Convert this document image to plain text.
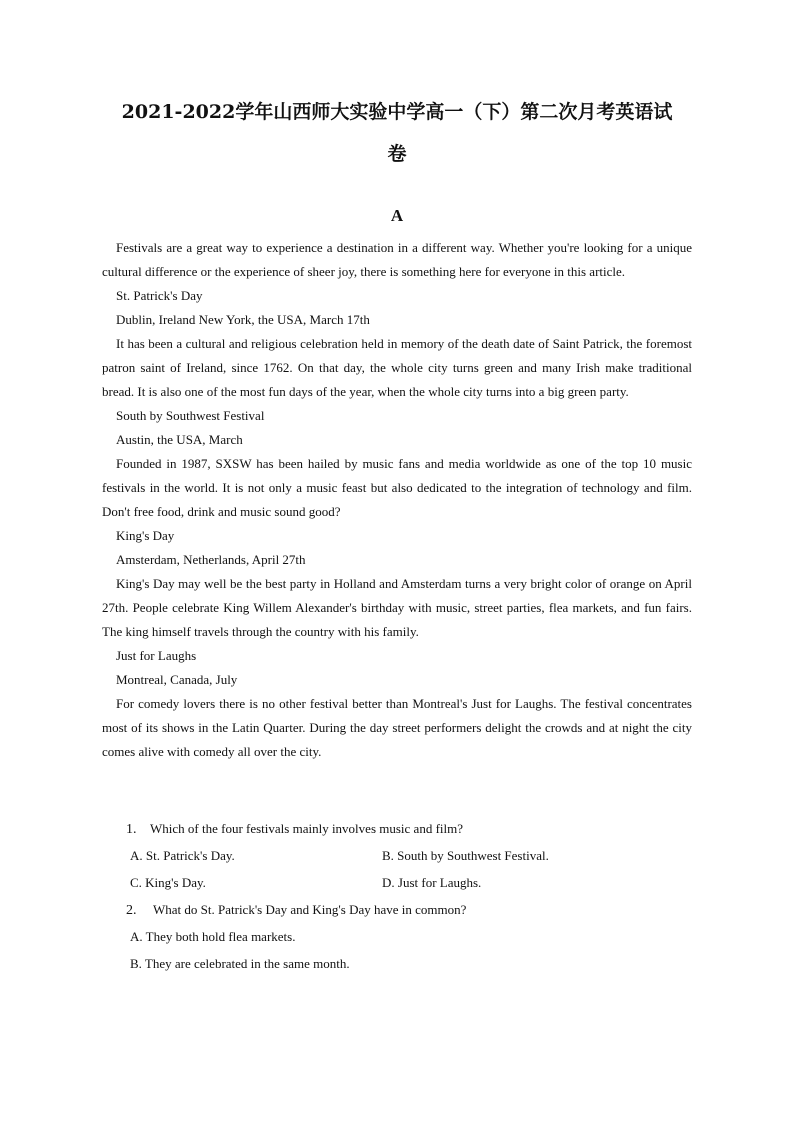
2021-2022学年山西师大实验中学高一（下）第二次月考英语试
卷
A

Festivals are a great way to experience a destination in a different way. Whether you're looking for a unique cultural difference or the experience of sheer joy, there is something here for everyone in this article.

St. Patrick's Day

Dublin, Ireland New York, the USA, March 17th

It has been a cultural and religious celebration held in memory of the death date of Saint Patrick, the foremost patron saint of Ireland, since 1762. On that day, the whole city turns green and many Irish make traditional bread. It is also one of the most fun days of the year, when the whole city turns into a big green party.

South by Southwest Festival

Austin, the USA, March

Founded in 1987, SXSW has been hailed by music fans and media worldwide as one of the top 10 music festivals in the world. It is not only a music feast but also dedicated to the integration of technology and film. Don't free food, drink and music sound good?

King's Day

Amsterdam, Netherlands, April 27th

King's Day may well be the best party in Holland and Amsterdam turns a very bright color of orange on April 27th. People celebrate King Willem Alexander's birthday with music, street parties, flea markets, and fun fairs. The king himself travels through the country with his family.

Just for Laughs

Montreal, Canada, July

For comedy lovers there is no other festival better than Montreal's Just for Laughs. The festival concentrates most of its shows in the Latin Quarter. During the day street performers delight the crowds and at night the city comes alive with comedy all over the city.

1. Which of the four festivals mainly involves music and film?
A. St. Patrick's Day.	B. South by Southwest Festival.
C. King's Day.	D. Just for Laughs.
2. What do St. Patrick's Day and King's Day have in common?
A. They both hold flea markets.
B. They are celebrated in the same month.
